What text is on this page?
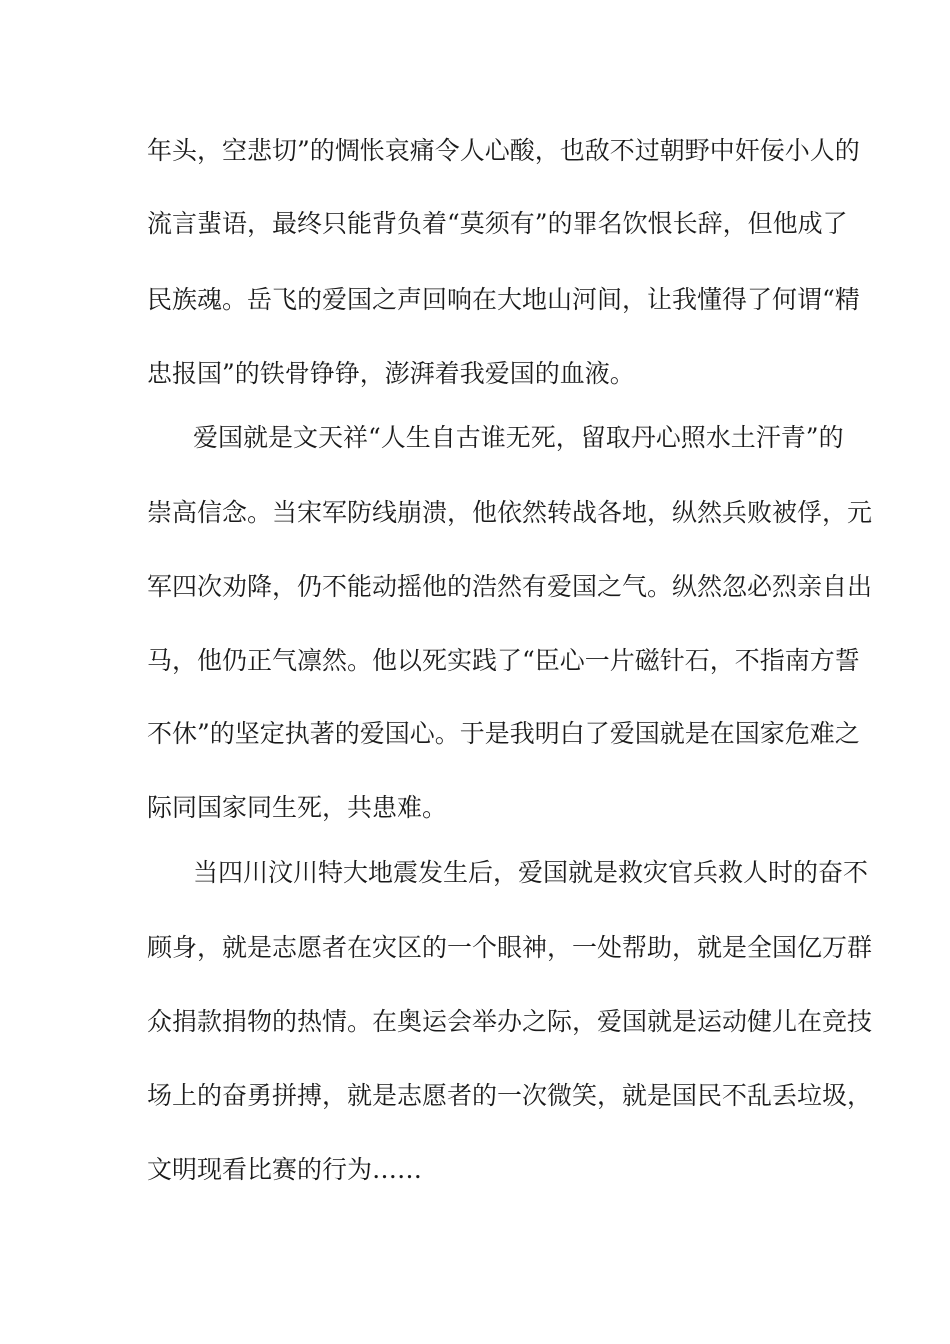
年头，空悲切”的惆怅哀痛令人心酸，也敌不过朝野中奸佞小人的
流言蜚语，最终只能背负着“莫须有”的罪名饮恨长辞，但他成了
民族魂。岳飞的爱国之声回响在大地山河间，让我懂得了何谓“精
忠报国”的铁骨铮铮，澎湃着我爱国的血液。
爱国就是文天祥“人生自古谁无死，留取丹心照水土汗青”的
崇高信念。当宋军防线崩溃，他依然转战各地，纵然兵败被俘，元
军四次劝降，仍不能动摇他的浩然有爱国之气。纵然忽必烈亲自出
马，他仍正气凛然。他以死实践了“臣心一片磁针石，不指南方誓
不休”的坚定执著的爱国心。于是我明白了爱国就是在国家危难之
际同国家同生死，共患难。
当四川汶川特大地震发生后，爱国就是救灾官兵救人时的奋不
顾身，就是志愿者在灾区的一个眼神，一处帮助，就是全国亿万群
众捐款捐物的热情。在奥运会举办之际，爱国就是运动健儿在竞技
场上的奋勇拼搏，就是志愿者的一次微笑，就是国民不乱丢垃圾，
文明现看比赛的行为……
